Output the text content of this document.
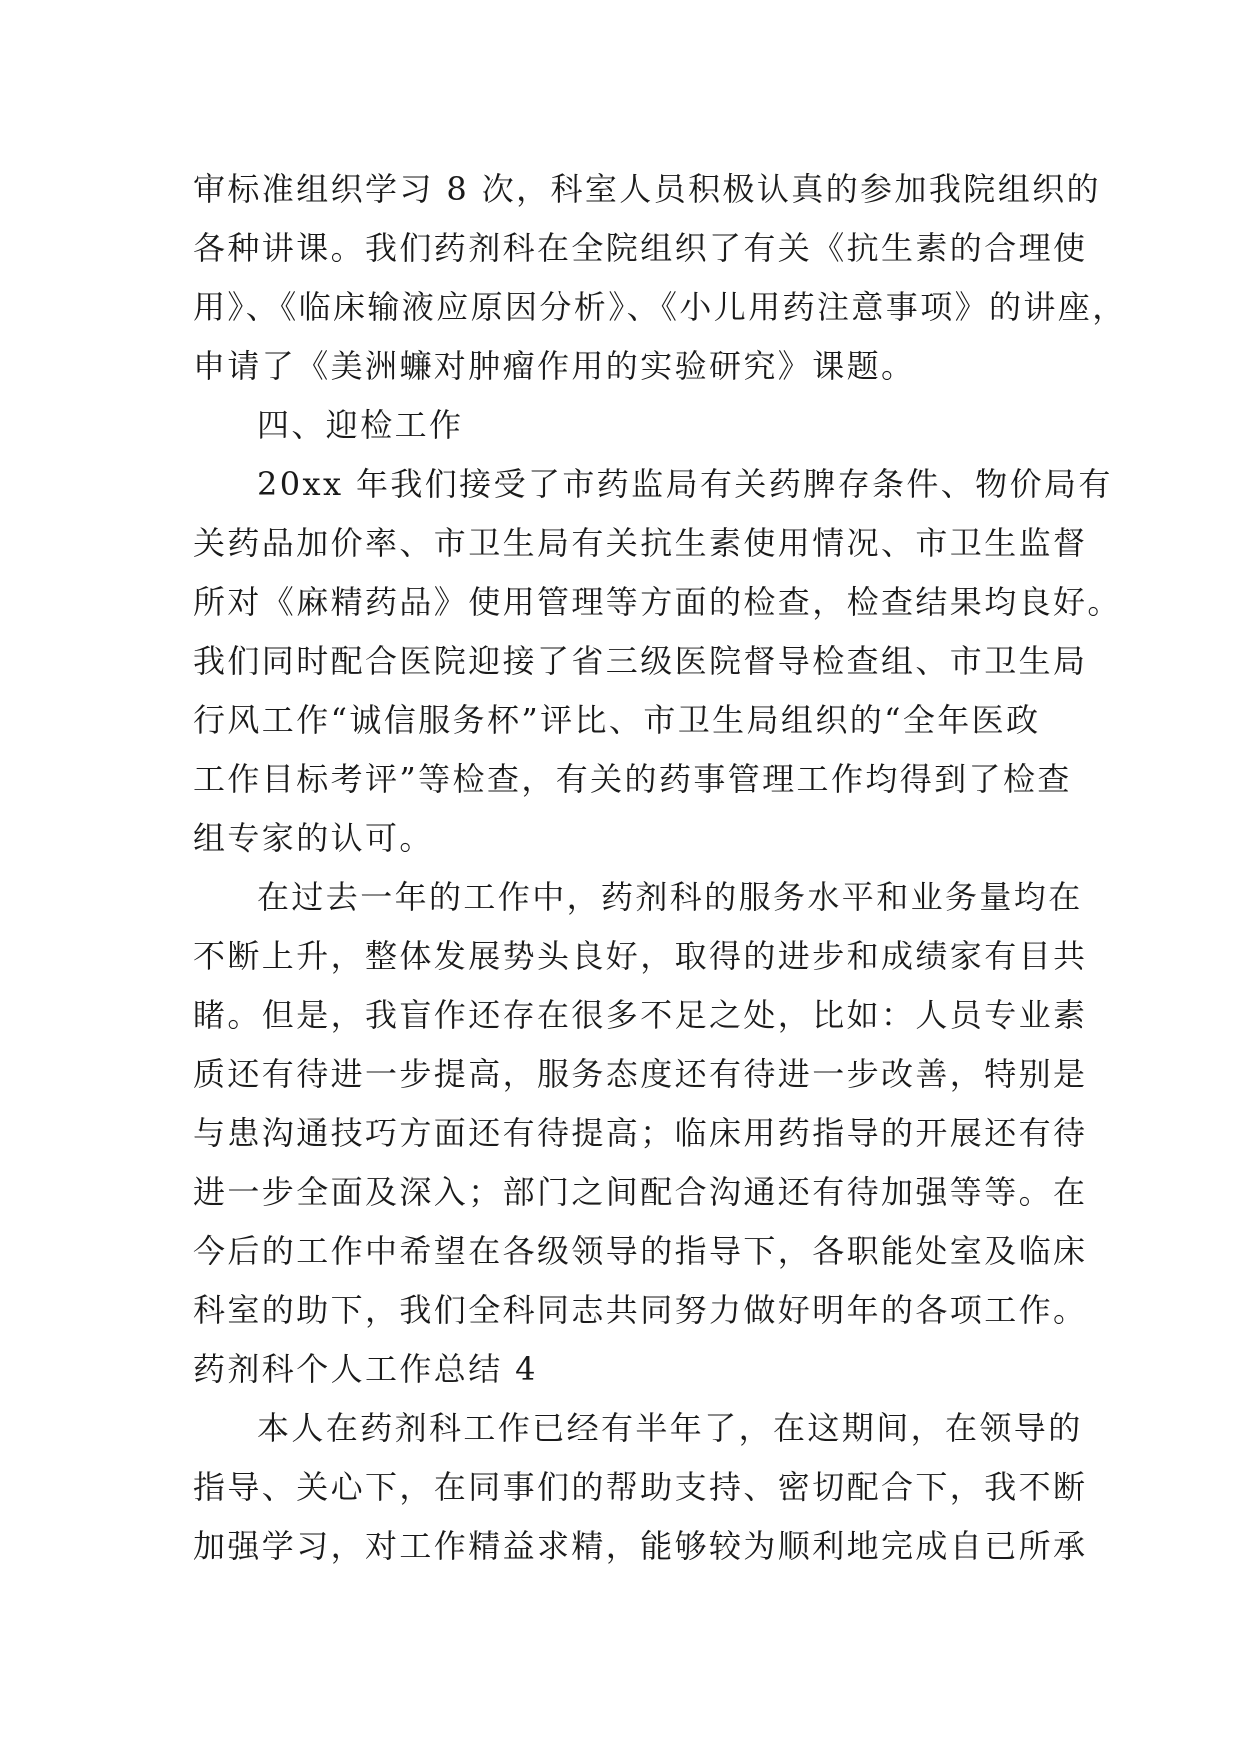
审标准组织学习 8 次，科室人员积极认真的参加我院组织的
各种讲课。我们药剂科在全院组织了有关《抗生素的合理使
用》、《临床输液应原因分析》、《小儿用药注意事项》的讲座，
申请了《美洲蠊对肿瘤作用的实验研究》课题。
四、迎检工作
20xx 年我们接受了市药监局有关药脾存条件、物价局有
关药品加价率、市卫生局有关抗生素使用情况、市卫生监督
所对《麻精药品》使用管理等方面的检查，检查结果均良好。
我们同时配合医院迎接了省三级医院督导检查组、市卫生局
行风工作“诚信服务杯”评比、市卫生局组织的“全年医政
工作目标考评”等检查，有关的药事管理工作均得到了检查
组专家的认可。
在过去一年的工作中，药剂科的服务水平和业务量均在
不断上升，整体发展势头良好，取得的进步和成绩家有目共
睹。但是，我盲作还存在很多不足之处，比如：人员专业素
质还有待进一步提高，服务态度还有待进一步改善，特别是
与患沟通技巧方面还有待提高；临床用药指导的开展还有待
进一步全面及深入；部门之间配合沟通还有待加强等等。在
今后的工作中希望在各级领导的指导下，各职能处室及临床
科室的助下，我们全科同志共同努力做好明年的各项工作。
药剂科个人工作总结 4
本人在药剂科工作已经有半年了，在这期间，在领导的
指导、关心下，在同事们的帮助支持、密切配合下，我不断
加强学习，对工作精益求精，能够较为顺利地完成自已所承
